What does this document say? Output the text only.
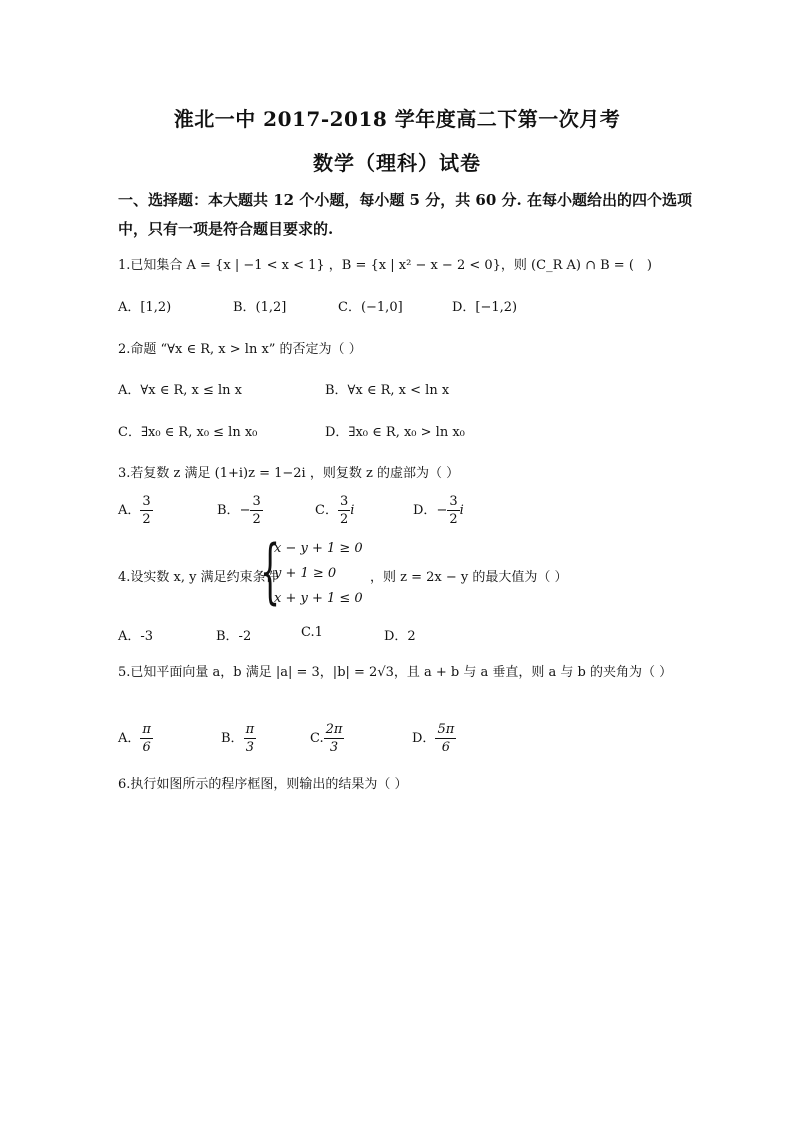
淮北一中 2017-2018 学年度高二下第一次月考
数学（理科）试卷
一、选择题：本大题共 12 个小题，每小题 5 分，共 60 分. 在每小题给出的四个选项中，只有一项是符合题目要求的.
1.已知集合 A = {x | −1 < x < 1} ，B = {x | x² − x − 2 < 0}，则 (C_R A) ∩ B = (　)
A．[1,2)	B．(1,2]	C．(−1,0]	D．[−1,2)
2.命题 “∀x ∈ R, x > ln x” 的否定为（ ）
A．∀x ∈ R, x ≤ ln x	B．∀x ∈ R, x < ln x
C．∃x₀ ∈ R, x₀ ≤ ln x₀	D．∃x₀ ∈ R, x₀ > ln x₀
3.若复数 z 满足 (1+i)z = 1−2i ，则复数 z 的虚部为（ ）
A． $\frac{3}{2}$	B．− $\frac{3}{2}$	C． $\frac{3}{2}$ i	D．− $\frac{3}{2}$ i
4.设实数 x, y 满足约束条件
{
x − y + 1 ≥ 0
y + 1 ≥ 0
x + y + 1 ≤ 0
，则 z = 2x − y 的最大值为（ ）
A．-3	B．-2	C.1	D．2
5.已知平面向量 a，b 满足 |a| = 3，|b| = 2√3，且 a + b 与 a 垂直，则 a 与 b 的夹角为（ ）
A． $\frac{\pi}{6}$	B． $\frac{\pi}{3}$	C. $\frac{2\pi}{3}$	D． $\frac{5\pi}{6}$
6.执行如图所示的程序框图，则输出的结果为（ ）
